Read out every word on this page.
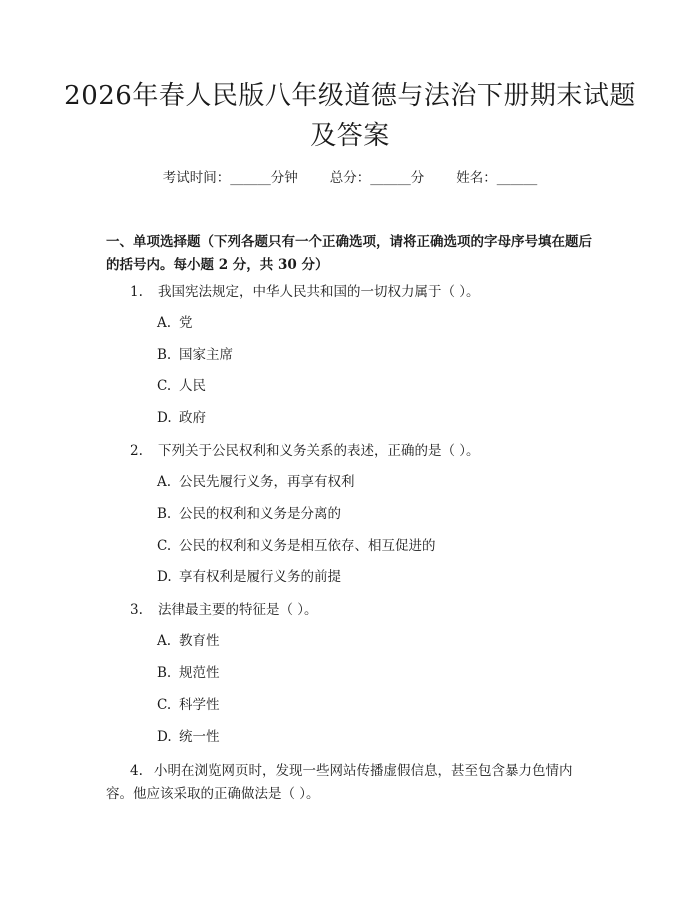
2026年春人民版八年级道德与法治下册期末试题及答案
考试时间：______分钟 总分：______分 姓名：______

一、单项选择题（下列各题只有一个正确选项，请将正确选项的字母序号填在题后的括号内。每小题 2 分，共 30 分）

1. 我国宪法规定，中华人民共和国的一切权力属于（ ）。
A. 党
B. 国家主席
C. 人民
D. 政府
2. 下列关于公民权利和义务关系的表述，正确的是（ ）。
A. 公民先履行义务，再享有权利
B. 公民的权利和义务是分离的
C. 公民的权利和义务是相互依存、相互促进的
D. 享有权利是履行义务的前提
3. 法律最主要的特征是（ ）。
A. 教育性
B. 规范性
C. 科学性
D. 统一性

4. 小明在浏览网页时，发现一些网站传播虚假信息，甚至包含暴力色情内容。他应该采取的正确做法是（ ）。
